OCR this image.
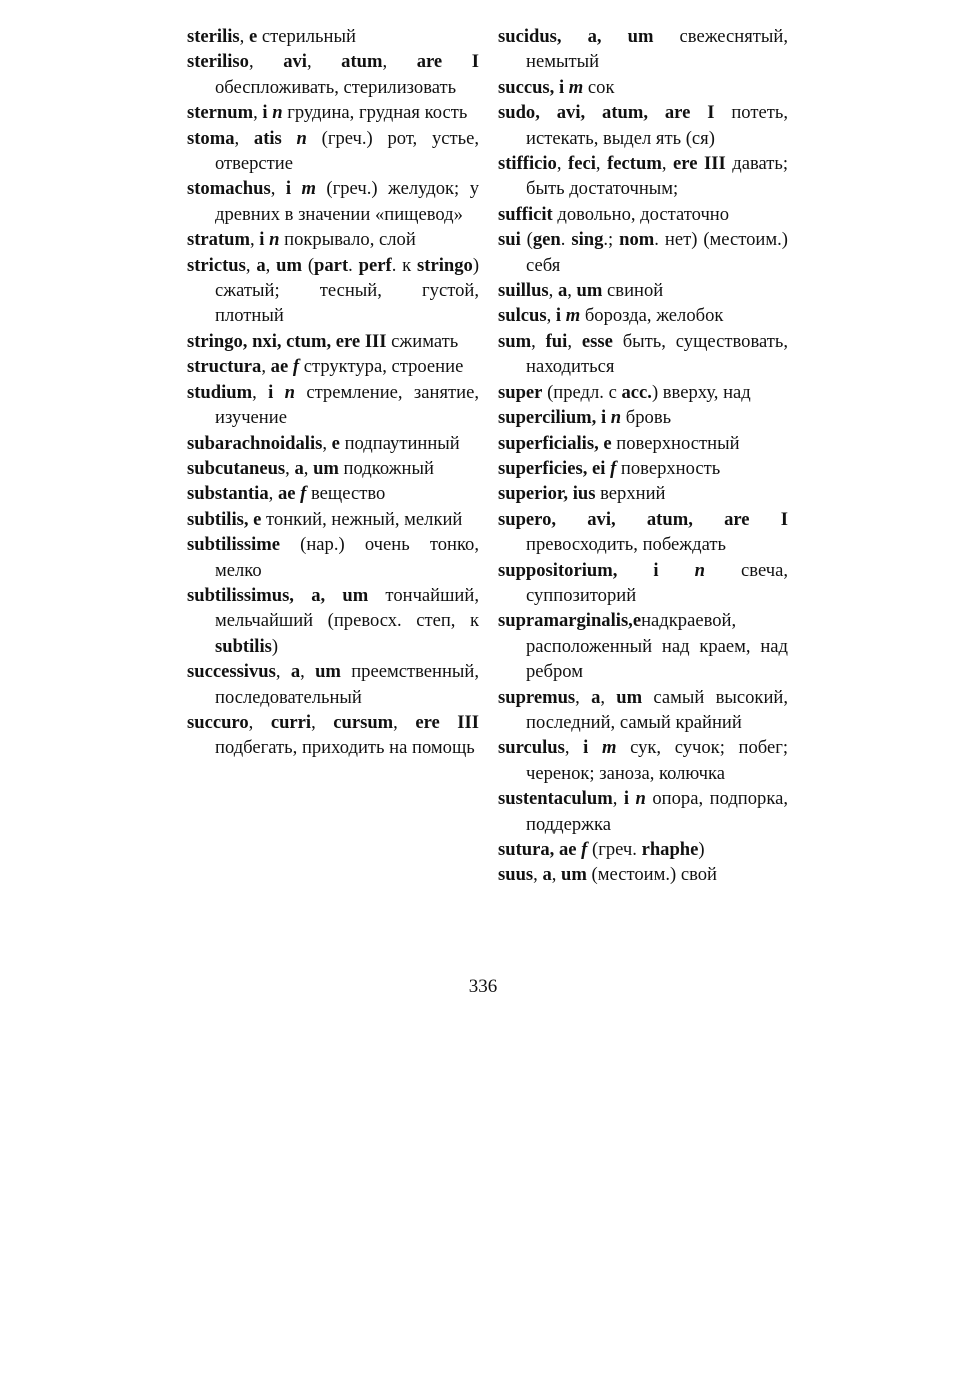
sterilis, e стерильный

steriliso, avi, atum, are I обеспложивать, стерилизовать

sternum, i n грудина, грудная кость

stoma, atis n (греч.) рот, устье, отверстие

stomachus, i m (греч.) желудок; у древних в значении «пищевод»

stratum, i n покрывало, слой

strictus, a, um (part. perf. к stringo) сжатый; тесный, густой, плотный

stringo, nxi, ctum, ere III сжимать

structura, ae f структура, строение

studium, i n стремление, занятие, изучение

subarachnoidalis, e подпаутинный

subcutaneus, a, um подкожный

substantia, ae f вещество

subtilis, e тонкий, нежный, мелкий

subtilissime (нар.) очень тонко, мелко

subtilissimus, a, um тончайший, мельчайший (превосх. степ, к subtilis)

successivus, a, um преемственный, последовательный

succuro, curri, cursum, ere III подбегать, приходить на помощь

sucidus, a, um свежеснятый, немытый

succus, i m сок

sudo, avi, atum, are I потеть, истекать, выдел ять (ся)

stifficio, feci, fectum, ere III давать; быть достаточным;

sufficit довольно, достаточно

sui (gen. sing.; nom. нет) (местоим.) себя

suillus, a, um свиной

sulcus, i m борозда, желобок

sum, fui, esse быть, существовать, находиться

super (предл. с acc.) вверху, над

supercilium, i n бровь

superficialis, e поверхностный

superficies, ei f поверхность

superior, ius верхний

supero, avi, atum, are I превосходить, побеждать

suppositorium, i n свеча, суппозиторий

supramarginalis,eнадкраевой, расположенный над краем, над ребром

supremus, a, um самый высокий, последний, самый крайний

surculus, i m сук, сучок; побег; черенок; заноза, колючка

sustentaculum, i n опора, подпорка, поддержка

sutura, ae f (греч. rhaphe)

suus, a, um (местоим.) свой

336
